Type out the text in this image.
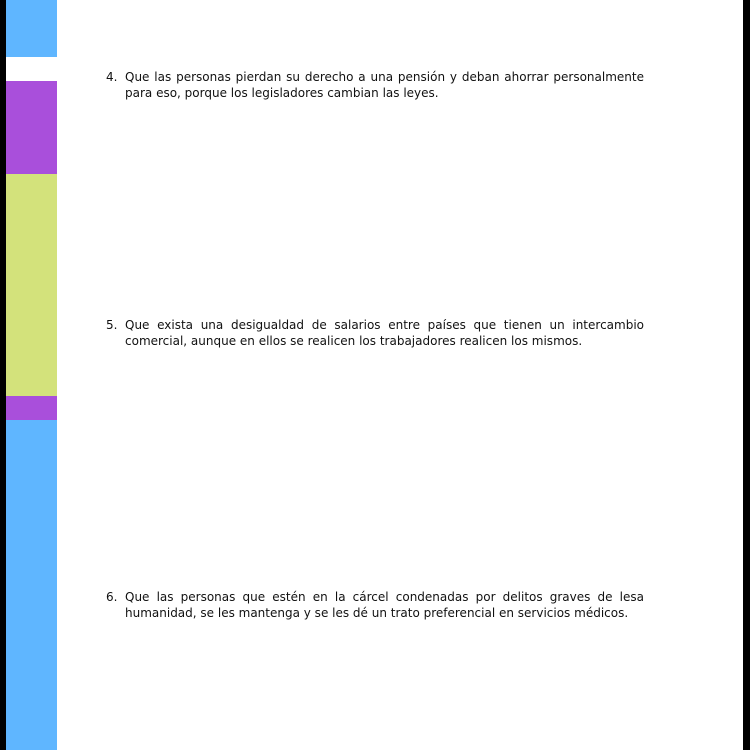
4. Que las personas pierdan su derecho a una pensión y deban ahorrar personalmente para eso, porque los legisladores cambian las leyes.
5. Que exista una desigualdad de salarios entre países que tienen un intercambio comercial, aunque en ellos se realicen los trabajadores realicen los mismos.
6. Que las personas que estén en la cárcel condenadas por delitos graves de lesa humanidad, se les mantenga y se les dé un trato preferencial en servicios médicos.
